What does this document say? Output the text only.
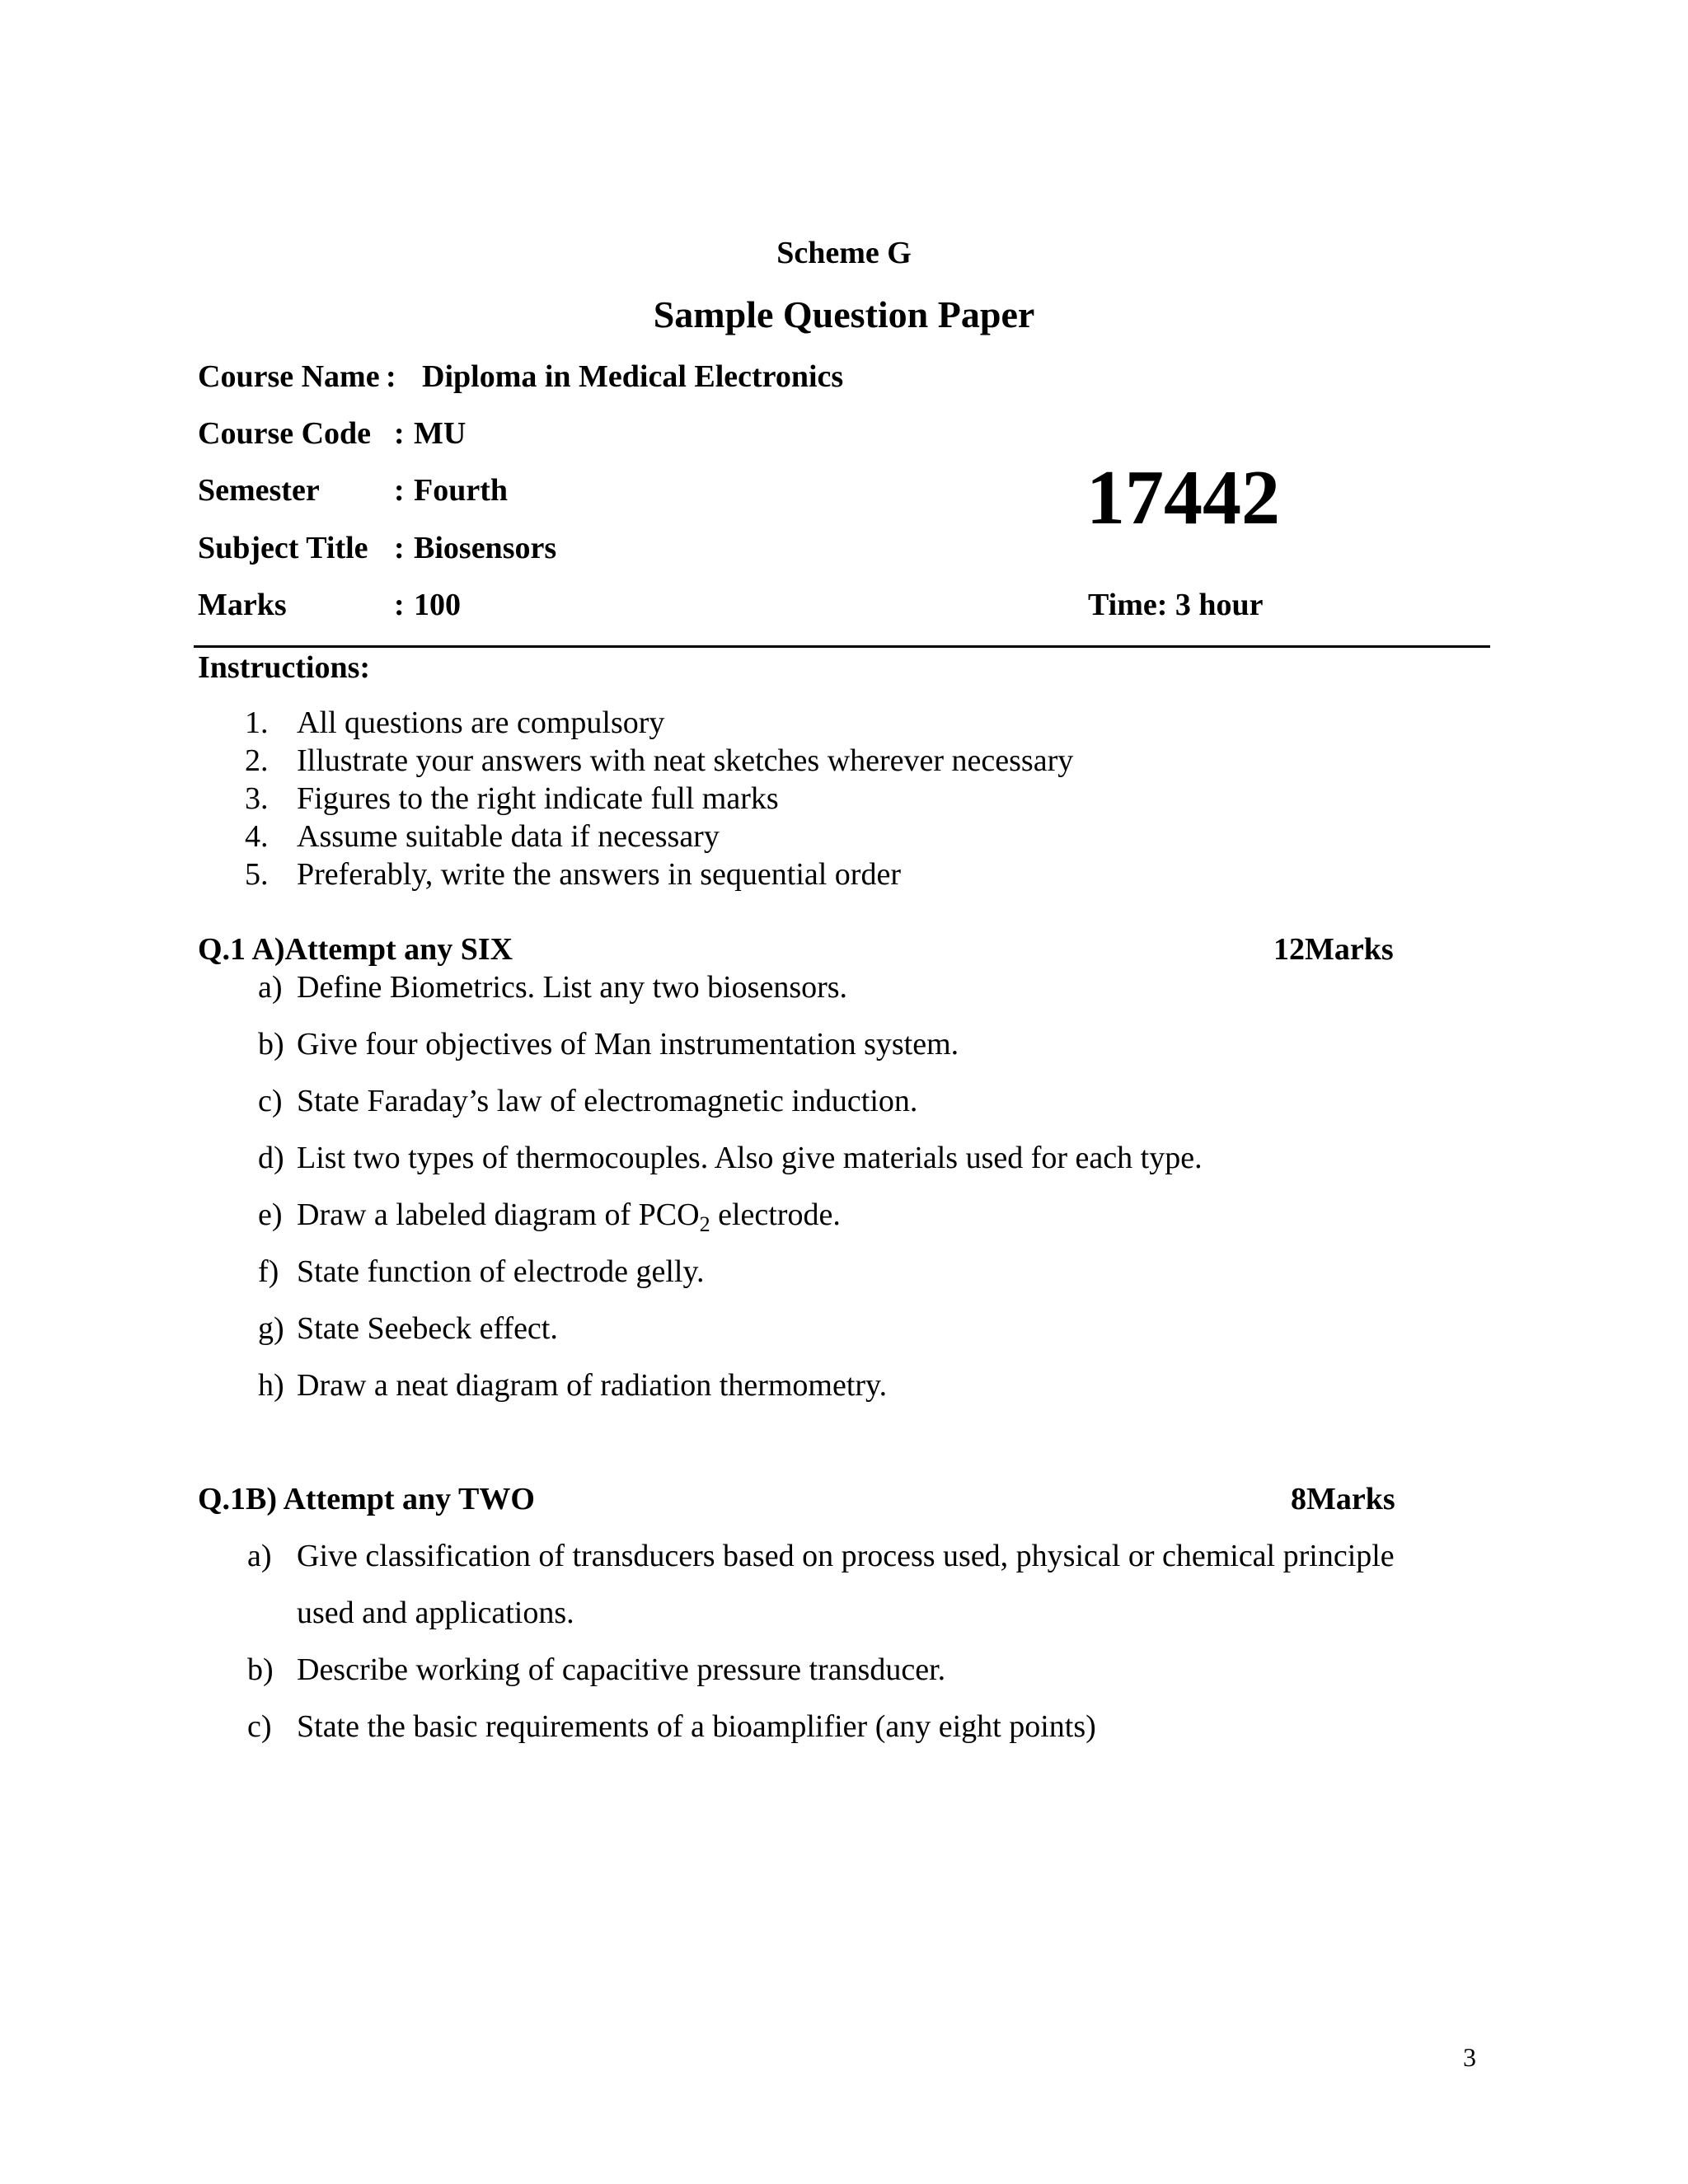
Scheme G
Sample Question Paper
Course Name : Diploma in Medical Electronics
Course Code : MU
Semester : Fourth
Subject Title : Biosensors
Marks	: 100
17442
Time: 3 hour
Instructions:
1. All questions are compulsory
2. Illustrate your answers with neat sketches wherever necessary
3. Figures to the right indicate full marks
4. Assume suitable data if necessary
5. Preferably, write the answers in sequential order
Q.1 A)Attempt any SIX	12Marks
a) Define Biometrics. List any two biosensors.
b) Give four objectives of Man instrumentation system.
c) State Faraday’s law of electromagnetic induction.
d) List two types of thermocouples. Also give materials used for each type.
e) Draw a labeled diagram of $PCO_2$ electrode.
f) State function of electrode gelly.
g) State Seebeck effect.
h) Draw a neat diagram of radiation thermometry.
Q.1B) Attempt any TWO	8Marks
a) Give classification of transducers based on process used, physical or chemical principle
used and applications.
b) Describe working of capacitive pressure transducer.
c) State the basic requirements of a bioamplifier (any eight points)
3
